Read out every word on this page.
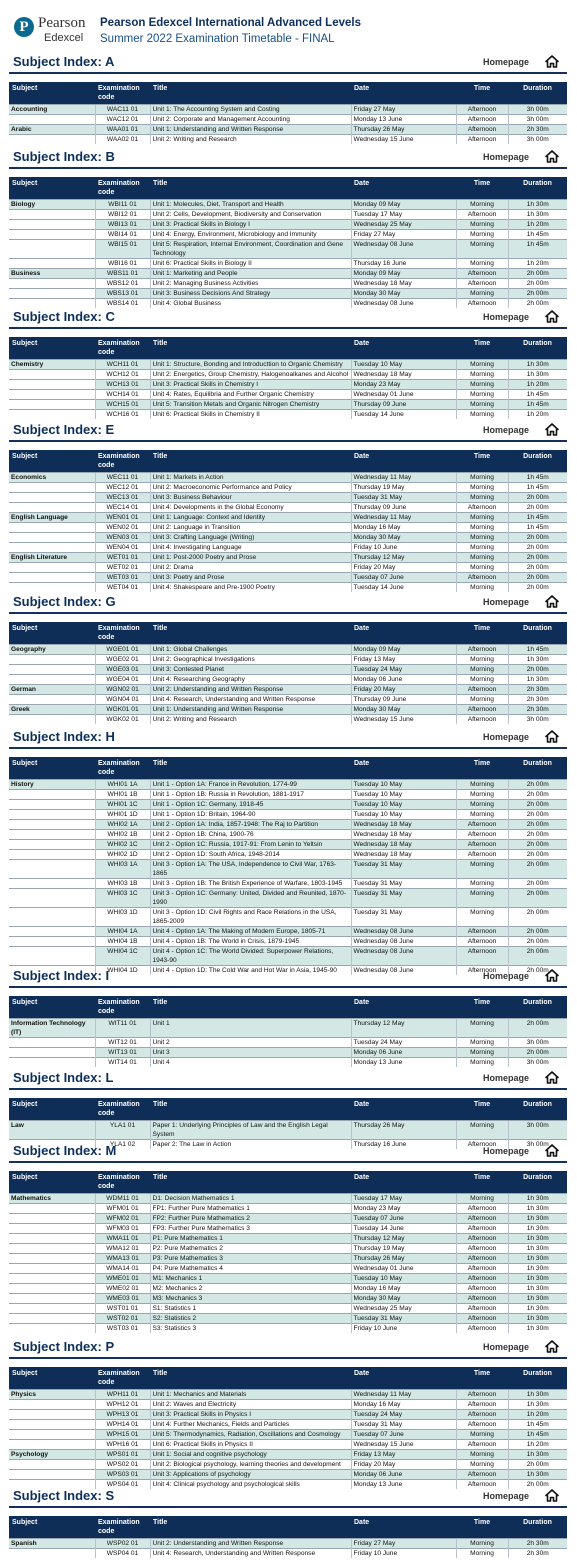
P Pearson
Edexcel
Pearson Edexcel International Advanced Levels
Summer 2022 Examination Timetable - FINAL
Subject Index: A	Homepage
Subject	Examination code	Title	Date	Time	Duration
Accounting	WAC11 01	Unit 1: The Accounting System and Costing	Friday 27 May	Afternoon	3h 00m
	WAC12 01	Unit 2: Corporate and Management Accounting	Monday 13 June	Afternoon	3h 00m
Arabic	WAA01 01	Unit 1: Understanding and Written Response	Thursday 26 May	Afternoon	2h 30m
	WAA02 01	Unit 2: Writing and Research	Wednesday 15 June	Afternoon	3h 00m
Subject Index: B	Homepage
Subject	Examination code	Title	Date	Time	Duration
Biology	WBI11 01	Unit 1: Molecules, Diet, Transport and Health	Monday 09 May	Morning	1h 30m
	WBI12 01	Unit 2: Cells, Development, Biodiversity and Conservation	Tuesday 17 May	Afternoon	1h 30m
	WBI13 01	Unit 3: Practical Skills in Biology I	Wednesday 25 May	Morning	1h 20m
	WBI14 01	Unit 4: Energy, Environment, Microbiology and Immunity	Friday 27 May	Morning	1h 45m
	WBI15 01	Unit 5: Respiration, Internal Environment, Coordination and Gene Technology	Wednesday 08 June	Morning	1h 45m
	WBI16 01	Unit 6: Practical Skills in Biology II	Thursday 16 June	Morning	1h 20m
Business	WBS11 01	Unit 1: Marketing and People	Monday 09 May	Afternoon	2h 00m
	WBS12 01	Unit 2: Managing Business Activities	Wednesday 18 May	Afternoon	2h 00m
	WBS13 01	Unit 3: Business Decisions And Strategy	Monday 30 May	Morning	2h 00m
	WBS14 01	Unit 4: Global Business	Wednesday 08 June	Afternoon	2h 00m
Subject Index: C	Homepage
Subject	Examination code	Title	Date	Time	Duration
Chemistry	WCH11 01	Unit 1: Structure, Bonding and Introducttion to Organic Chemistry	Tuesday 10 May	Morning	1h 30m
	WCH12 01	Unit 2: Energetics, Group Chemistry, Halogenoalkanes and Alcohol	Wednesday 18 May	Morning	1h 30m
	WCH13 01	Unit 3: Practical Skills in Chemistry I	Monday 23 May	Morning	1h 20m
	WCH14 01	Unit 4: Rates, Equilibria and Further Organic Chemistry	Wednesday 01 June	Morning	1h 45m
	WCH15 01	Unit 5: Transition Metals and Organic Nitrogen Chemistry	Thursday 09 June	Morning	1h 45m
	WCH16 01	Unit 6: Practical Skills in Chemistry II	Tuesday 14 June	Morning	1h 20m
Subject Index: E	Homepage
Subject	Examination code	Title	Date	Time	Duration
Economics	WEC11 01	Unit 1: Markets in Action	Wednesday 11 May	Morning	1h 45m
	WEC12 01	Unit 2: Macroeconomic Performance and Policy	Thursday 19 May	Morning	1h 45m
	WEC13 01	Unit 3: Business Behaviour	Tuesday 31 May	Morning	2h 00m
	WEC14 01	Unit 4: Developments in the Global Economy	Thursday 09 June	Afternoon	2h 00m
English Language	WEN01 01	Unit 1: Language: Context and Identity	Wednesday 11 May	Morning	1h 45m
	WEN02 01	Unit 2: Language in Transition	Monday 16 May	Morning	1h 45m
	WEN03 01	Unit 3: Crafting Language (Writing)	Monday 30 May	Morning	2h 00m
	WEN04 01	Unit 4: Investigating Language	Friday 10 June	Morning	2h 00m
English Literature	WET01 01	Unit 1: Post-2000 Poetry and Prose	Thursday 12 May	Morning	2h 00m
	WET02 01	Unit 2: Drama	Friday 20 May	Morning	2h 00m
	WET03 01	Unit 3: Poetry and Prose	Tuesday 07 June	Afternoon	2h 00m
	WET04 01	Unit 4: Shakespeare and Pre-1900 Poetry	Tuesday 14 June	Morning	2h 00m
Subject Index: G	Homepage
Subject	Examination code	Title	Date	Time	Duration
Geography	WGE01 01	Unit 1: Global Challenges	Monday 09 May	Afternoon	1h 45m
	WGE02 01	Unit 2: Geographical Investigations	Friday 13 May	Morning	1h 30m
	WGE03 01	Unit 3: Contested Planet	Tuesday 24 May	Morning	2h 00m
	WGE04 01	Unit 4: Researching Geography	Monday 06 June	Morning	1h 30m
German	WGN02 01	Unit 2: Understanding and Written Response	Friday 20 May	Afternoon	2h 30m
	WGN04 01	Unit 4: Research, Understanding and Written Response	Thursday 09 June	Morning	2h 30m
Greek	WGK01 01	Unit 1: Understanding and Written Response	Monday 30 May	Afternoon	2h 30m
	WGK02 01	Unit 2: Writing and Research	Wednesday 15 June	Afternoon	3h 00m
Subject Index: H	Homepage
Subject	Examination code	Title	Date	Time	Duration
History	WHI01 1A	Unit 1 - Option 1A: France in Revolution, 1774-99	Tuesday 10 May	Morning	2h 00m
	WHI01 1B	Unit 1 - Option 1B: Russia in Revolution, 1881-1917	Tuesday 10 May	Morning	2h 00m
	WHI01 1C	Unit 1 - Option 1C: Germany, 1918-45	Tuesday 10 May	Morning	2h 00m
	WHI01 1D	Unit 1 - Option 1D: Britain, 1964-90	Tuesday 10 May	Morning	2h 00m
	WHI02 1A	Unit 2 - Option 1A: India, 1857-1948: The Raj to Partition	Wednesday 18 May	Afternoon	2h 00m
	WHI02 1B	Unit 2 - Option 1B: China, 1900-76	Wednesday 18 May	Afternoon	2h 00m
	WHI02 1C	Unit 2 - Option 1C: Russia, 1917-91: From Lenin to Yeltsin	Wednesday 18 May	Afternoon	2h 00m
	WHI02 1D	Unit 2 - Option 1D: South Africa, 1948-2014	Wednesday 18 May	Afternoon	2h 00m
	WHI03 1A	Unit 3 - Option 1A: The USA, Independence to Civil War, 1763-1865	Tuesday 31 May	Morning	2h 00m
	WHI03 1B	Unit 3 - Option 1B: The British Experience of Warfare, 1803-1945	Tuesday 31 May	Morning	2h 00m
	WHI03 1C	Unit 3 - Option 1C: Germany: United, Divided and Reunited, 1870-1990	Tuesday 31 May	Morning	2h 00m
	WHI03 1D	Unit 3 - Option 1D: Civil Rights and Race Relations in the USA, 1865-2009	Tuesday 31 May	Morning	2h 00m
	WHI04 1A	Unit 4 - Option 1A: The Making of Modern Europe, 1805-71	Wednesday 08 June	Afternoon	2h 00m
	WHI04 1B	Unit 4 - Option 1B: The World in Crisis, 1879-1945	Wednesday 08 June	Afternoon	2h 00m
	WHI04 1C	Unit 4 - Option 1C: The World Divided: Superpower Relations, 1943-90	Wednesday 08 June	Afternoon	2h 00m
	WHI04 1D	Unit 4 - Option 1D: The Cold War and Hot War in Asia, 1945-90	Wednesday 08 June	Afternoon	2h 00m
Subject Index: I	Homepage
Subject	Examination code	Title	Date	Time	Duration
Information Technology (IT)	WIT11 01	Unit 1	Thursday 12 May	Morning	2h 00m
	WIT12 01	Unit 2	Tuesday 24 May	Morning	3h 00m
	WIT13 01	Unit 3	Monday 06 June	Morning	2h 00m
	WIT14 01	Unit 4	Monday 13 June	Morning	3h 00m
Subject Index: L	Homepage
Subject	Examination code	Title	Date	Time	Duration
Law	YLA1 01	Paper 1: Underlying Principles of Law and the English Legal System	Thursday 26 May	Morning	3h 00m
	YLA1 02	Paper 2: The Law in Action	Thursday 16 June	Afternoon	3h 00m
Subject Index: M	Homepage
Subject	Examination code	Title	Date	Time	Duration
Mathematics	WDM11 01	D1: Decision Mathematics 1	Tuesday 17 May	Morning	1h 30m
	WFM01 01	FP1: Further Pure Mathematics 1	Monday 23 May	Afternoon	1h 30m
	WFM02 01	FP2: Further Pure Mathematics 2	Tuesday 07 June	Afternoon	1h 30m
	WFM03 01	FP3: Further Pure Mathematics 3	Tuesday 14 June	Afternoon	1h 30m
	WMA11 01	P1: Pure Mathematics 1	Thursday 12 May	Afternoon	1h 30m
	WMA12 01	P2: Pure Mathematics 2	Thursday 19 May	Afternoon	1h 30m
	WMA13 01	P3: Pure Mathematics 3	Thursday 26 May	Afternoon	1h 30m
	WMA14 01	P4: Pure Mathematics 4	Wednesday 01 June	Afternoon	1h 30m
	WME01 01	M1: Mechanics 1	Tuesday 10 May	Afternoon	1h 30m
	WME02 01	M2: Mechanics 2	Monday 16 May	Afternoon	1h 30m
	WME03 01	M3: Mechanics 3	Monday 30 May	Afternoon	1h 30m
	WST01 01	S1: Statistics 1	Wednesday 25 May	Afternoon	1h 30m
	WST02 01	S2: Statistics 2	Tuesday 31 May	Afternoon	1h 30m
	WST03 01	S3: Statistics 3	Friday 10 June	Afternoon	1h 30m
Subject Index: P	Homepage
Subject	Examination code	Title	Date	Time	Duration
Physics	WPH11 01	Unit 1: Mechanics and Materials	Wednesday 11 May	Afternoon	1h 30m
	WPH12 01	Unit 2: Waves and Electricity	Monday 16 May	Afternoon	1h 30m
	WPH13 01	Unit 3: Practical Skills in Physics I	Tuesday 24 May	Afternoon	1h 20m
	WPH14 01	Unit 4: Further Mechanics, Fields and Particles	Tuesday 31 May	Afternoon	1h 45m
	WPH15 01	Unit 5: Thermodynamics, Radiation, Oscillations and Cosmology	Tuesday 07 June	Morning	1h 45m
	WPH16 01	Unit 6: Practical Skills in Physics II	Wednesday 15 June	Afternoon	1h 20m
Psychology	WPS01 01	Unit 1: Social and cognitive psychology	Friday 13 May	Morning	1h 30m
	WPS02 01	Unit 2: Biological psychology, learning theories and development	Friday 20 May	Morning	2h 00m
	WPS03 01	Unit 3: Applications of psychology	Monday 06 June	Afternoon	1h 30m
	WPS04 01	Unit 4: Clinical psychology and psychological skills	Monday 13 June	Afternoon	2h 00m
Subject Index: S	Homepage
Subject	Examination code	Title	Date	Time	Duration
Spanish	WSP02 01	Unit 2: Understanding and Written Response	Friday 27 May	Morning	2h 30m
	WSP04 01	Unit 4: Research, Understanding and Written Response	Friday 10 June	Morning	2h 30m
